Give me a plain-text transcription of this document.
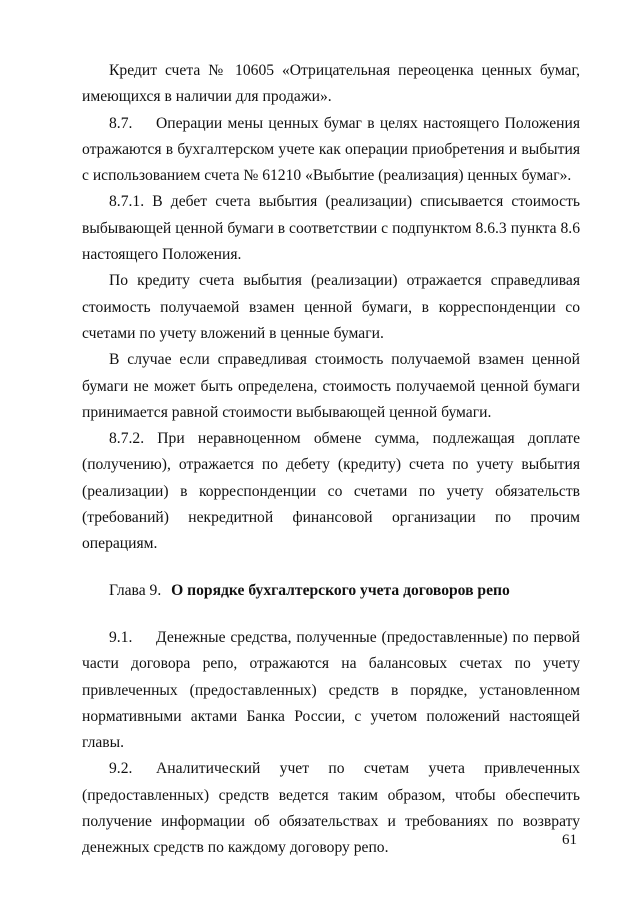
Кредит счета № 10605 «Отрицательная переоценка ценных бумаг, имеющихся в наличии для продажи».

8.7. Операции мены ценных бумаг в целях настоящего Положения отражаются в бухгалтерском учете как операции приобретения и выбытия с использованием счета № 61210 «Выбытие (реализация) ценных бумаг».

8.7.1. В дебет счета выбытия (реализации) списывается стоимость выбывающей ценной бумаги в соответствии с подпунктом 8.6.3 пункта 8.6 настоящего Положения.

По кредиту счета выбытия (реализации) отражается справедливая стоимость получаемой взамен ценной бумаги, в корреспонденции со счетами по учету вложений в ценные бумаги.

В случае если справедливая стоимость получаемой взамен ценной бумаги не может быть определена, стоимость получаемой ценной бумаги принимается равной стоимости выбывающей ценной бумаги.

8.7.2. При неравноценном обмене сумма, подлежащая доплате (получению), отражается по дебету (кредиту) счета по учету выбытия (реализации) в корреспонденции со счетами по учету обязательств (требований) некредитной финансовой организации по прочим операциям.

Глава 9. О порядке бухгалтерского учета договоров репо

9.1. Денежные средства, полученные (предоставленные) по первой части договора репо, отражаются на балансовых счетах по учету привлеченных (предоставленных) средств в порядке, установленном нормативными актами Банка России, с учетом положений настоящей главы.

9.2. Аналитический учет по счетам учета привлеченных (предоставленных) средств ведется таким образом, чтобы обеспечить получение информации об обязательствах и требованиях по возврату денежных средств по каждому договору репо.	61
